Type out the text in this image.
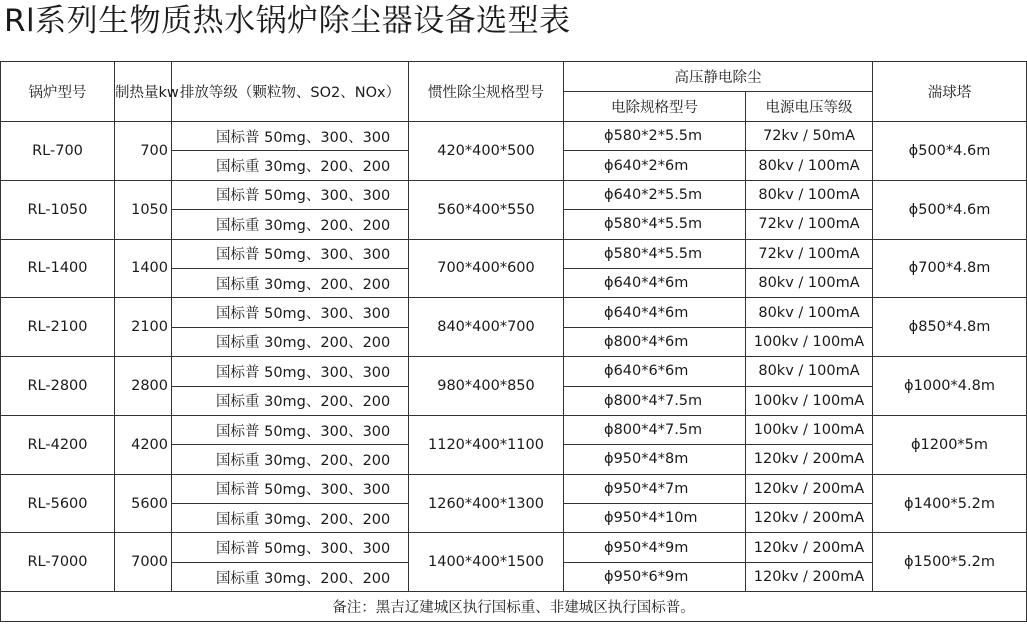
Rl系列生物质热水锅炉除尘器设备选型表
锅炉型号	制热量kw	排放等级（颗粒物、SO2、NOx）	惯性除尘规格型号	高压静电除尘		湍球塔
				电除规格型号	电源电压等级	
RL-700	700	国标普 50mg、300、300	420*400*500	ϕ580*2*5.5m	72kv / 50mA	ϕ500*4.6m
		国标重 30mg、200、200		ϕ640*2*6m	80kv / 100mA	
RL-1050	1050	国标普 50mg、300、300	560*400*550	ϕ640*2*5.5m	80kv / 100mA	ϕ500*4.6m
		国标重 30mg、200、200		ϕ580*4*5.5m	72kv / 100mA	
RL-1400	1400	国标普 50mg、300、300	700*400*600	ϕ580*4*5.5m	72kv / 100mA	ϕ700*4.8m
		国标重 30mg、200、200		ϕ640*4*6m	80kv / 100mA	
RL-2100	2100	国标普 50mg、300、300	840*400*700	ϕ640*4*6m	80kv / 100mA	ϕ850*4.8m
		国标重 30mg、200、200		ϕ800*4*6m	100kv / 100mA	
RL-2800	2800	国标普 50mg、300、300	980*400*850	ϕ640*6*6m	80kv / 100mA	ϕ1000*4.8m
		国标重 30mg、200、200		ϕ800*4*7.5m	100kv / 100mA	
RL-4200	4200	国标普 50mg、300、300	1120*400*1100	ϕ800*4*7.5m	100kv / 100mA	ϕ1200*5m
		国标重 30mg、200、200		ϕ950*4*8m	120kv / 200mA	
RL-5600	5600	国标普 50mg、300、300	1260*400*1300	ϕ950*4*7m	120kv / 200mA	ϕ1400*5.2m
		国标重 30mg、200、200		ϕ950*4*10m	120kv / 200mA	
RL-7000	7000	国标普 50mg、300、300	1400*400*1500	ϕ950*4*9m	120kv / 200mA	ϕ1500*5.2m
		国标重 30mg、200、200		ϕ950*6*9m	120kv / 200mA	
备注：黑吉辽建城区执行国标重、非建城区执行国标普。						
